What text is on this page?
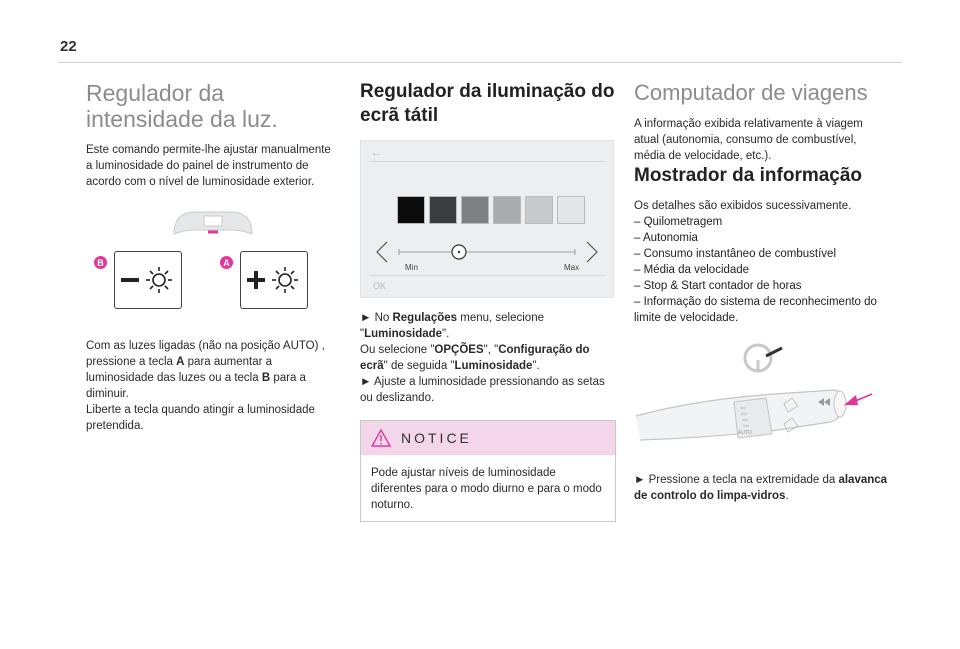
22
Regulador da intensidade da luz.

Este comando permite-lhe ajustar manualmente a luminosidade do painel de instrumento de acordo com o nível de luminosidade exterior.

B	A

Com as luzes ligadas (não na posição AUTO) , pressione a tecla A para aumentar a luminosidade das luzes ou a tecla B para a diminuir.

Liberte a tecla quando atingir a luminosidade pretendida.

Regulador da iluminação do ecrã tátil
←
Min	Max
OK

► No Regulações menu, selecione "Luminosidade".

Ou selecione "OPÇÕES", "Configuração do ecrã" de seguida "Luminosidade".

► Ajuste a luminosidade pressionando as setas ou deslizando.

NOTICE

Pode ajustar níveis de luminosidade diferentes para o modo diurno e para o modo noturno.

Computador de viagens

A informação exibida relativamente à viagem atual (autonomia, consumo de combustível, média de velocidade, etc.).

Mostrador da informação

Os detalhes são exibidos sucessivamente.

– Quilometragem
– Autonomia
– Consumo instantâneo de combustível
– Média da velocidade
– Stop & Start contador de horas
– Informação do sistema de reconhecimento do limite de velocidade.
AUTO

► Pressione a tecla na extremidade da alavanca de controlo do limpa-vidros.
